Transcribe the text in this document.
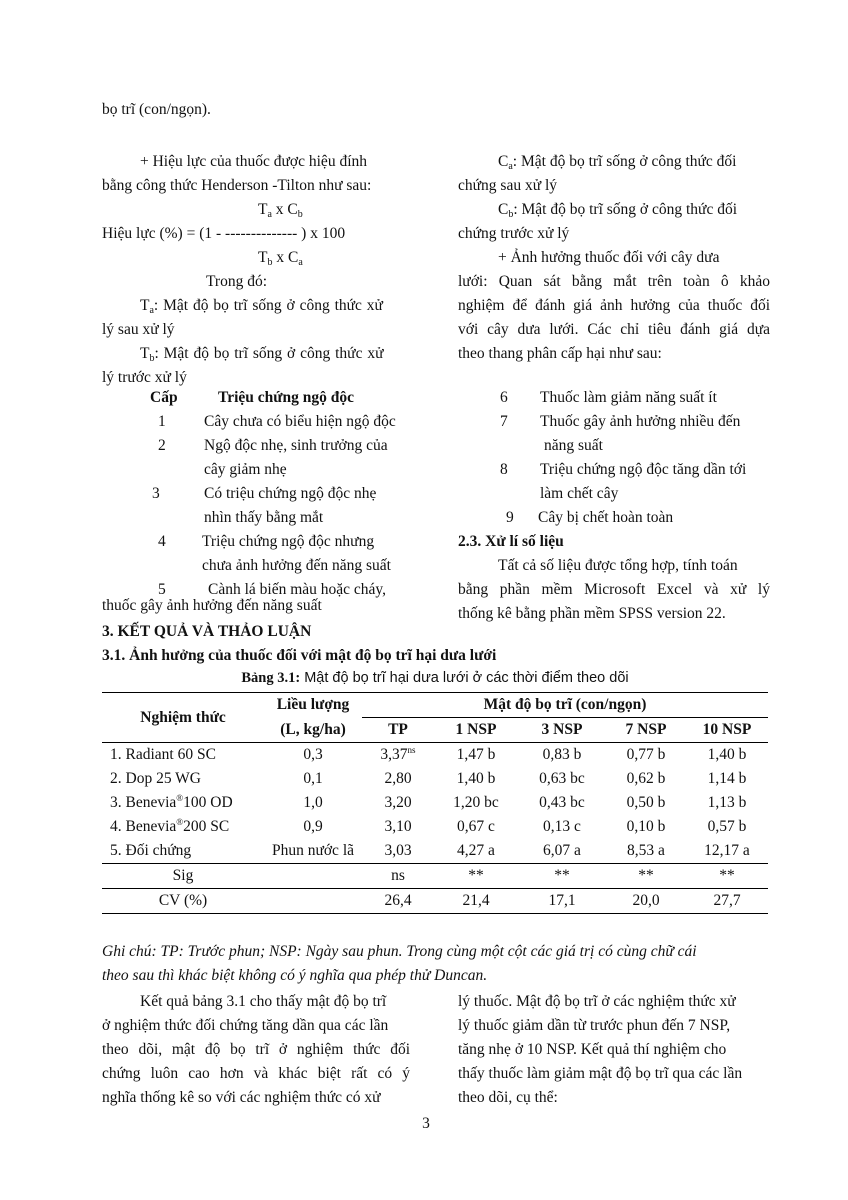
bọ trĩ (con/ngọn).
+ Hiệu lực của thuốc được hiệu đính
bằng công thức Henderson -Tilton như sau:
$T_a$ x $C_b$
Hiệu lực (%) = (1 - -------------- ) x 100
$T_b$ x $C_a$
Trong đó:
$T_a$: Mật độ bọ trĩ sống ở công thức xử
lý sau xử lý
$T_b$: Mật độ bọ trĩ sống ở công thức xử
lý trước xử lý
$C_a$: Mật độ bọ trĩ sống ở công thức đối
chứng sau xử lý
$C_b$: Mật độ bọ trĩ sống ở công thức đối
chứng trước xử lý
+ Ảnh hưởng thuốc đối với cây dưa
lưới: Quan sát bằng mắt trên toàn ô khảo
nghiệm để đánh giá ảnh hưởng của thuốc đối
với cây dưa lưới. Các chỉ tiêu đánh giá dựa
theo thang phân cấp hại như sau:
Cấp	Triệu chứng ngộ độc
1 Cây chưa có biểu hiện ngộ độc
2 Ngộ độc nhẹ, sinh trưởng của
cây giảm nhẹ
3	Có triệu chứng ngộ độc nhẹ
nhìn thấy bằng mắt
4 Triệu chứng ngộ độc nhưng
chưa ảnh hưởng đến năng suất
5	Cành lá biến màu hoặc cháy,
thuốc gây ảnh hưởng đến năng suất
6 Thuốc làm giảm năng suất ít
7 Thuốc gây ảnh hưởng nhiều đến
năng suất
8 Triệu chứng ngộ độc tăng dần tới
làm chết cây
9 Cây bị chết hoàn toàn
2.3. Xử lí số liệu
Tất cả số liệu được tổng hợp, tính toán
bằng phần mềm Microsoft Excel và xử lý
thống kê bằng phần mềm SPSS version 22.
3. KẾT QUẢ VÀ THẢO LUẬN
3.1. Ảnh hưởng của thuốc đối với mật độ bọ trĩ hại dưa lưới
Bảng 3.1: Mật độ bọ trĩ hại dưa lưới ở các thời điểm theo dõi
Nghiệm thức	Liều lượng	Mật độ bọ trĩ (con/ngọn)				
	(L, kg/ha)	TP	1 NSP	3 NSP	7 NSP	10 NSP
1. Radiant 60 SC	0,3	$3,37^{ns}$	1,47 b	0,83 b	0,77 b	1,40 b
2. Dop 25 WG	0,1	2,80	1,40 b	0,63 bc	0,62 b	1,14 b
3. Benevia®100 OD	1,0	3,20	1,20 bc	0,43 bc	0,50 b	1,13 b
4. Benevia®200 SC	0,9	3,10	0,67 c	0,13 c	0,10 b	0,57 b
5. Đối chứng	Phun nước lã	3,03	4,27 a	6,07 a	8,53 a	12,17 a
Sig		ns	**	**	**	**
CV (%)		26,4	21,4	17,1	20,0	27,7
Ghi chú: TP: Trước phun; NSP: Ngày sau phun. Trong cùng một cột các giá trị có cùng chữ cái
theo sau thì khác biệt không có ý nghĩa qua phép thử Duncan.
Kết quả bảng 3.1 cho thấy mật độ bọ trĩ
ở nghiệm thức đối chứng tăng dần qua các lần
theo dõi, mật độ bọ trĩ ở nghiệm thức đối
chứng luôn cao hơn và khác biệt rất có ý
nghĩa thống kê so với các nghiệm thức có xử
lý thuốc. Mật độ bọ trĩ ở các nghiệm thức xử
lý thuốc giảm dần từ trước phun đến 7 NSP,
tăng nhẹ ở 10 NSP. Kết quả thí nghiệm cho
thấy thuốc làm giảm mật độ bọ trĩ qua các lần
theo dõi, cụ thể:
3
